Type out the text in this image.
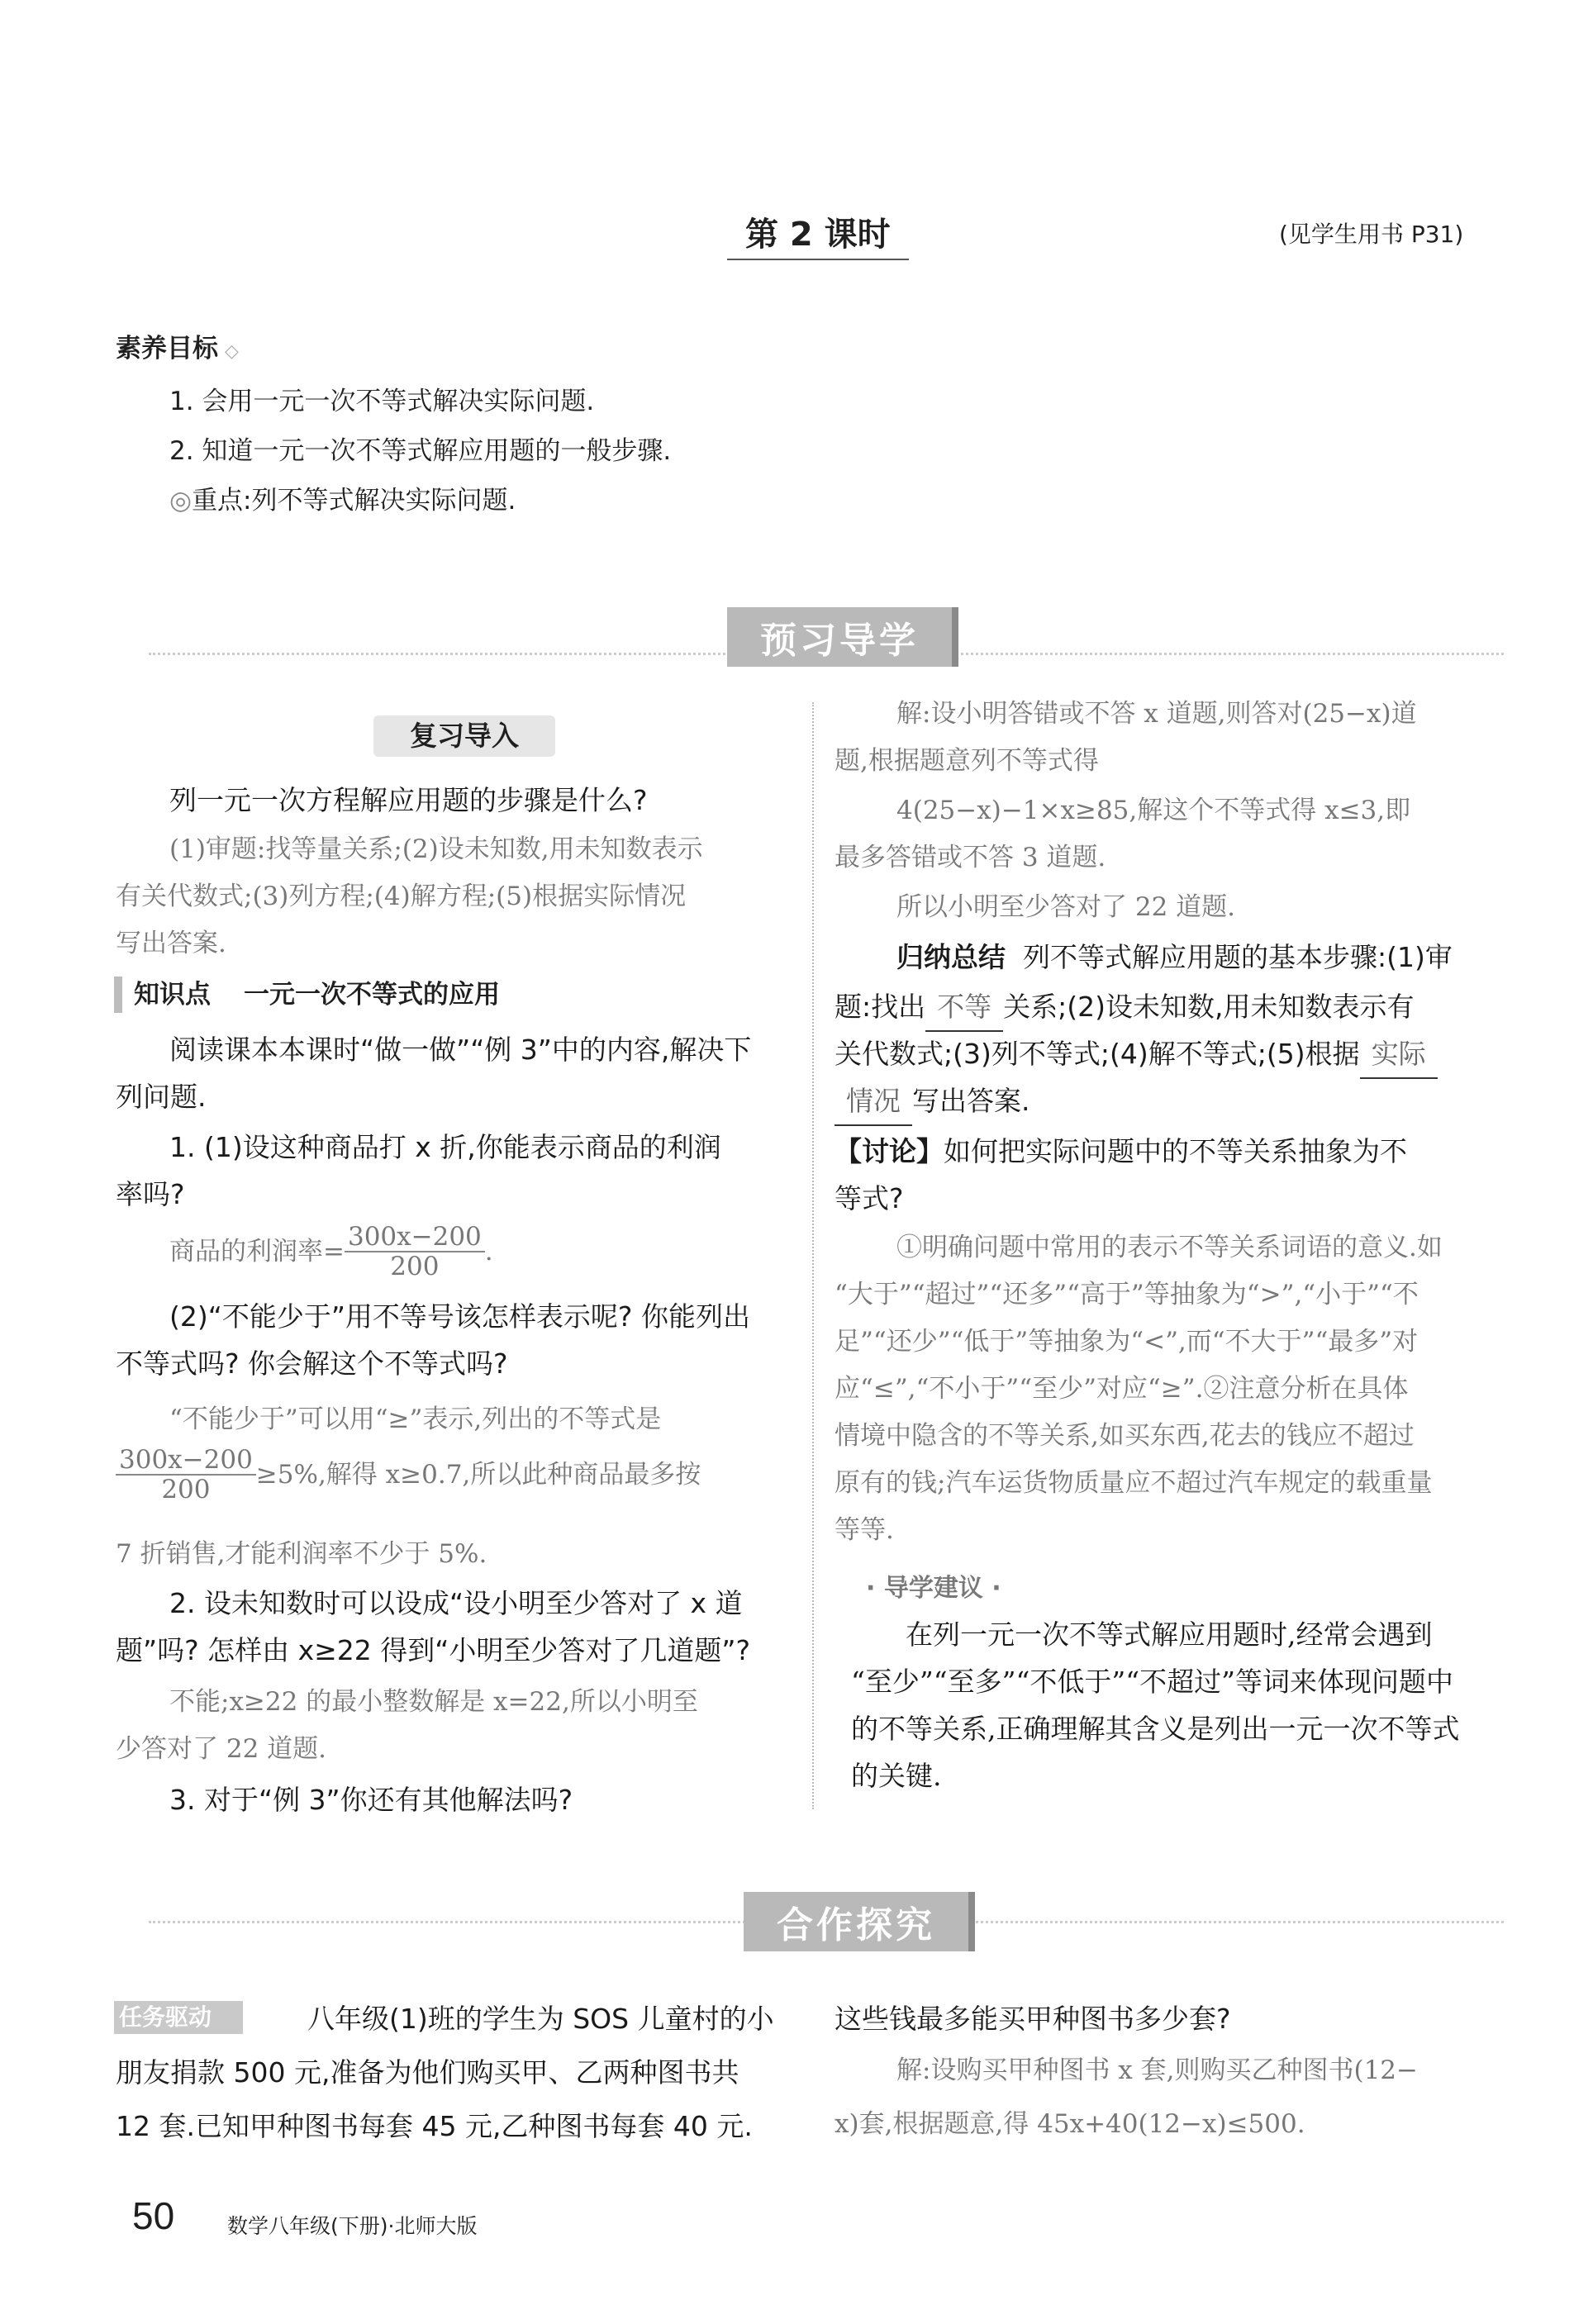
第 2 课时	(见学生用书 P31)
素养目标 ◇
1. 会用一元一次不等式解决实际问题.
2. 知道一元一次不等式解应用题的一般步骤.
◎重点:列不等式解决实际问题.
预习导学
复习导入
列一元一次方程解应用题的步骤是什么?
(1)审题:找等量关系;(2)设未知数,用未知数表示
有关代数式;(3)列方程;(4)解方程;(5)根据实际情况
写出答案.
知识点 一元一次不等式的应用
阅读课本本课时“做一做”“例 3”中的内容,解决下
列问题.
1. (1)设这种商品打 x 折,你能表示商品的利润
率吗?
商品的利润率= $\frac{300x-200}{200}$ .
(2)“不能少于”用不等号该怎样表示呢? 你能列出
不等式吗? 你会解这个不等式吗?
“不能少于”可以用“≥”表示,列出的不等式是
$\frac{300x-200}{200} \ge 5\%$,解得 x≥0.7,所以此种商品最多按
7 折销售,才能利润率不少于 5%.
2. 设未知数时可以设成“设小明至少答对了 x 道
题”吗? 怎样由 x≥22 得到“小明至少答对了几道题”?
不能;x≥22 的最小整数解是 x=22,所以小明至
少答对了 22 道题.
3. 对于“例 3”你还有其他解法吗?
解:设小明答错或不答 x 道题,则答对(25−x)道
题,根据题意列不等式得
4(25−x)−1×x≥85,解这个不等式得 x≤3,即
最多答错或不答 3 道题.
所以小明至少答对了 22 道题.
归纳总结 列不等式解应用题的基本步骤:(1)审
题:找出 不等 关系;(2)设未知数,用未知数表示有
关代数式;(3)列不等式;(4)解不等式;(5)根据 实际
情况 写出答案.
【讨论】如何把实际问题中的不等关系抽象为不
等式?
①明确问题中常用的表示不等关系词语的意义.如
“大于”“超过”“还多”“高于”等抽象为“>”,“小于”“不
足”“还少”“低于”等抽象为“<”,而“不大于”“最多”对
应“≤”,“不小于”“至少”对应“≥”.②注意分析在具体
情境中隐含的不等关系,如买东西,花去的钱应不超过
原有的钱;汽车运货物质量应不超过汽车规定的载重量
等等.
· 导学建议 ·
在列一元一次不等式解应用题时,经常会遇到
“至少”“至多”“不低于”“不超过”等词来体现问题中
的不等关系,正确理解其含义是列出一元一次不等式
的关键.
合作探究
任务驱动	八年级(1)班的学生为 SOS 儿童村的小
朋友捐款 500 元,准备为他们购买甲、乙两种图书共
12 套.已知甲种图书每套 45 元,乙种图书每套 40 元.
这些钱最多能买甲种图书多少套?
解:设购买甲种图书 x 套,则购买乙种图书(12−
x)套,根据题意,得 45x+40(12−x)≤500.
50	数学八年级(下册)·北师大版
